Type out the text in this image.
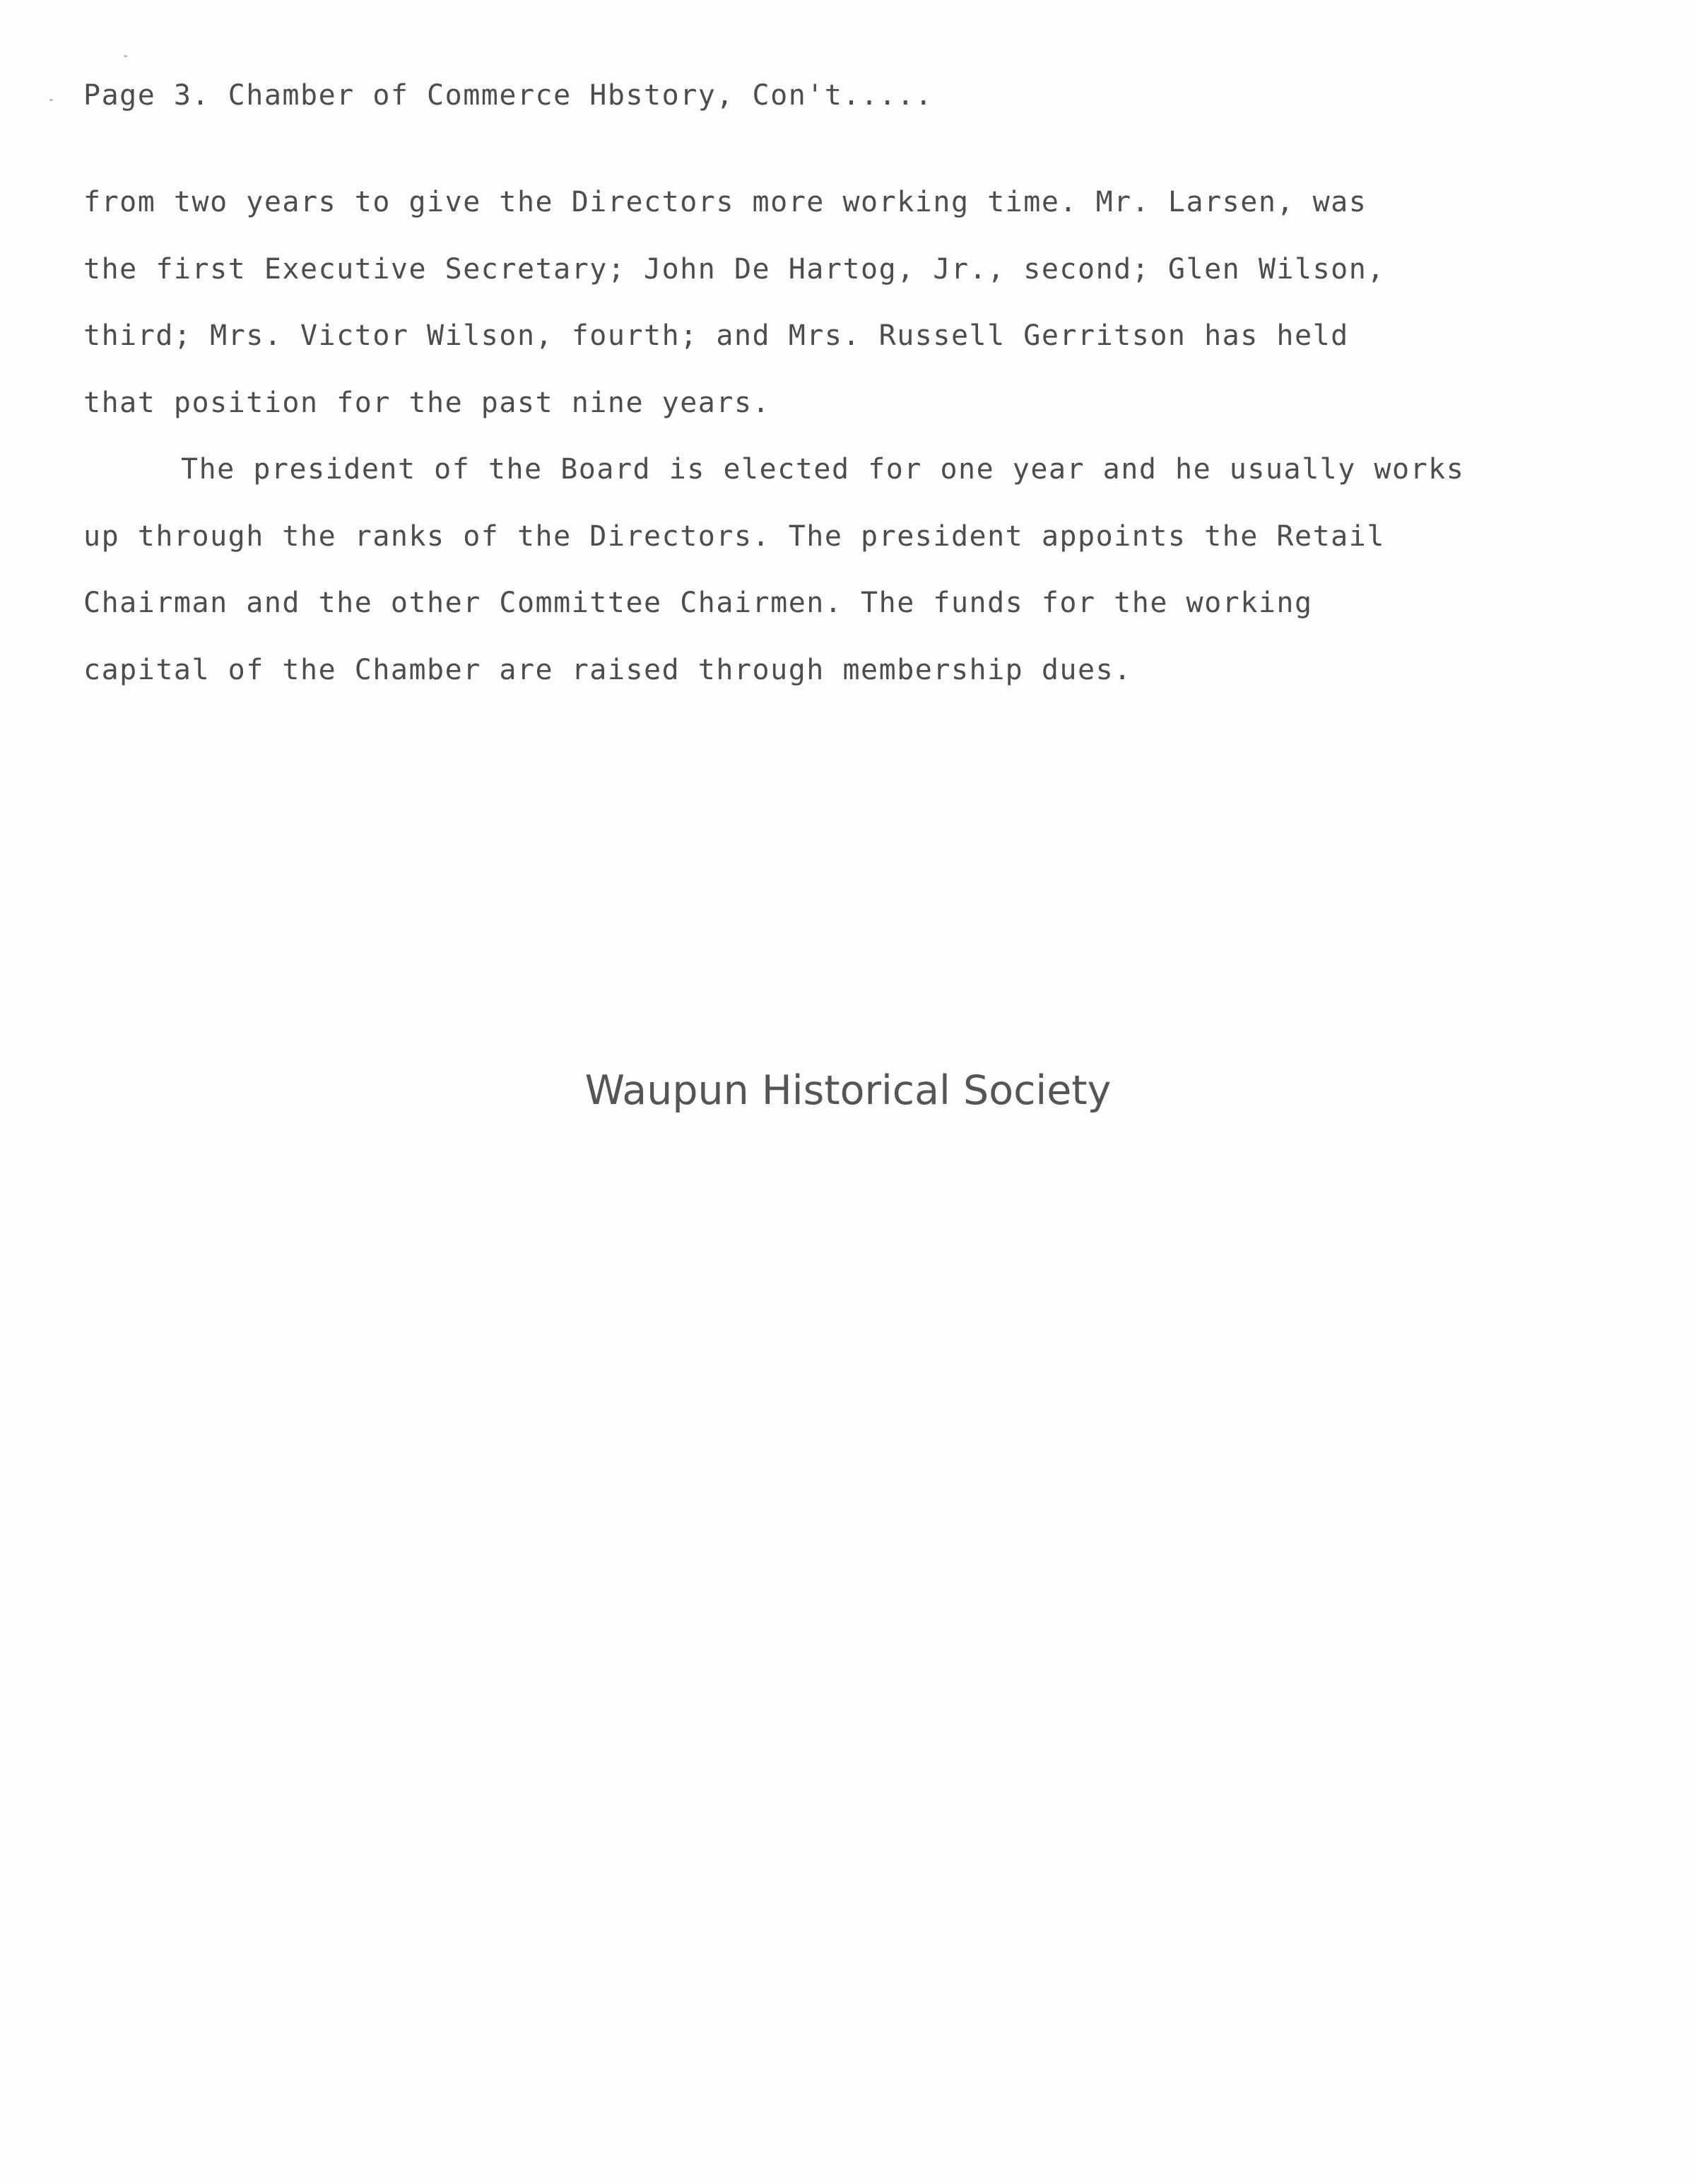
Page 3. Chamber of Commerce Hbstory, Con't.....
from two years to give the Directors more working time. Mr. Larsen, was
the first Executive Secretary; John De Hartog, Jr., second; Glen Wilson,
third; Mrs. Victor Wilson, fourth; and Mrs. Russell Gerritson has held
that position for the past nine years.
The president of the Board is elected for one year and he usually works
up through the ranks of the Directors. The president appoints the Retail
Chairman and the other Committee Chairmen. The funds for the working
capital of the Chamber are raised through membership dues.
Waupun Historical Society
